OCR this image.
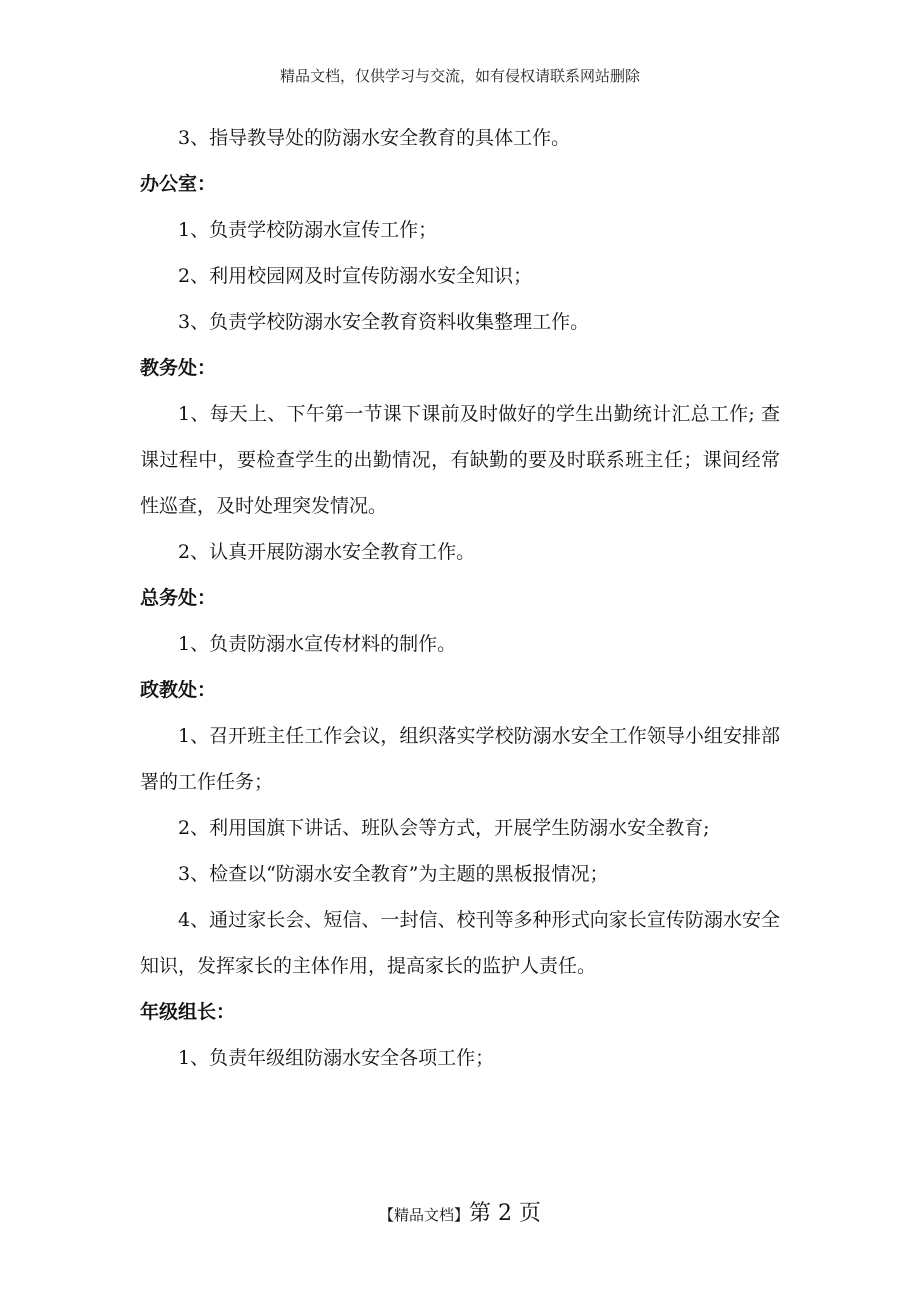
精品文档，仅供学习与交流，如有侵权请联系网站删除

3、指导教导处的防溺水安全教育的具体工作。

办公室：

1、负责学校防溺水宣传工作；

2、利用校园网及时宣传防溺水安全知识；

3、负责学校防溺水安全教育资料收集整理工作。

教务处：

1、每天上、下午第一节课下课前及时做好的学生出勤统计汇总工作; 查课过程中，要检查学生的出勤情况，有缺勤的要及时联系班主任；课间经常性巡查，及时处理突发情况。

2、认真开展防溺水安全教育工作。

总务处：

1、负责防溺水宣传材料的制作。

政教处：

1、召开班主任工作会议，组织落实学校防溺水安全工作领导小组安排部署的工作任务；

2、利用国旗下讲话、班队会等方式，开展学生防溺水安全教育;

3、检查以“防溺水安全教育”为主题的黑板报情况；

4、通过家长会、短信、一封信、校刊等多种形式向家长宣传防溺水安全知识，发挥家长的主体作用，提高家长的监护人责任。

年级组长：

1、负责年级组防溺水安全各项工作；

【精品文档】第 2 页
